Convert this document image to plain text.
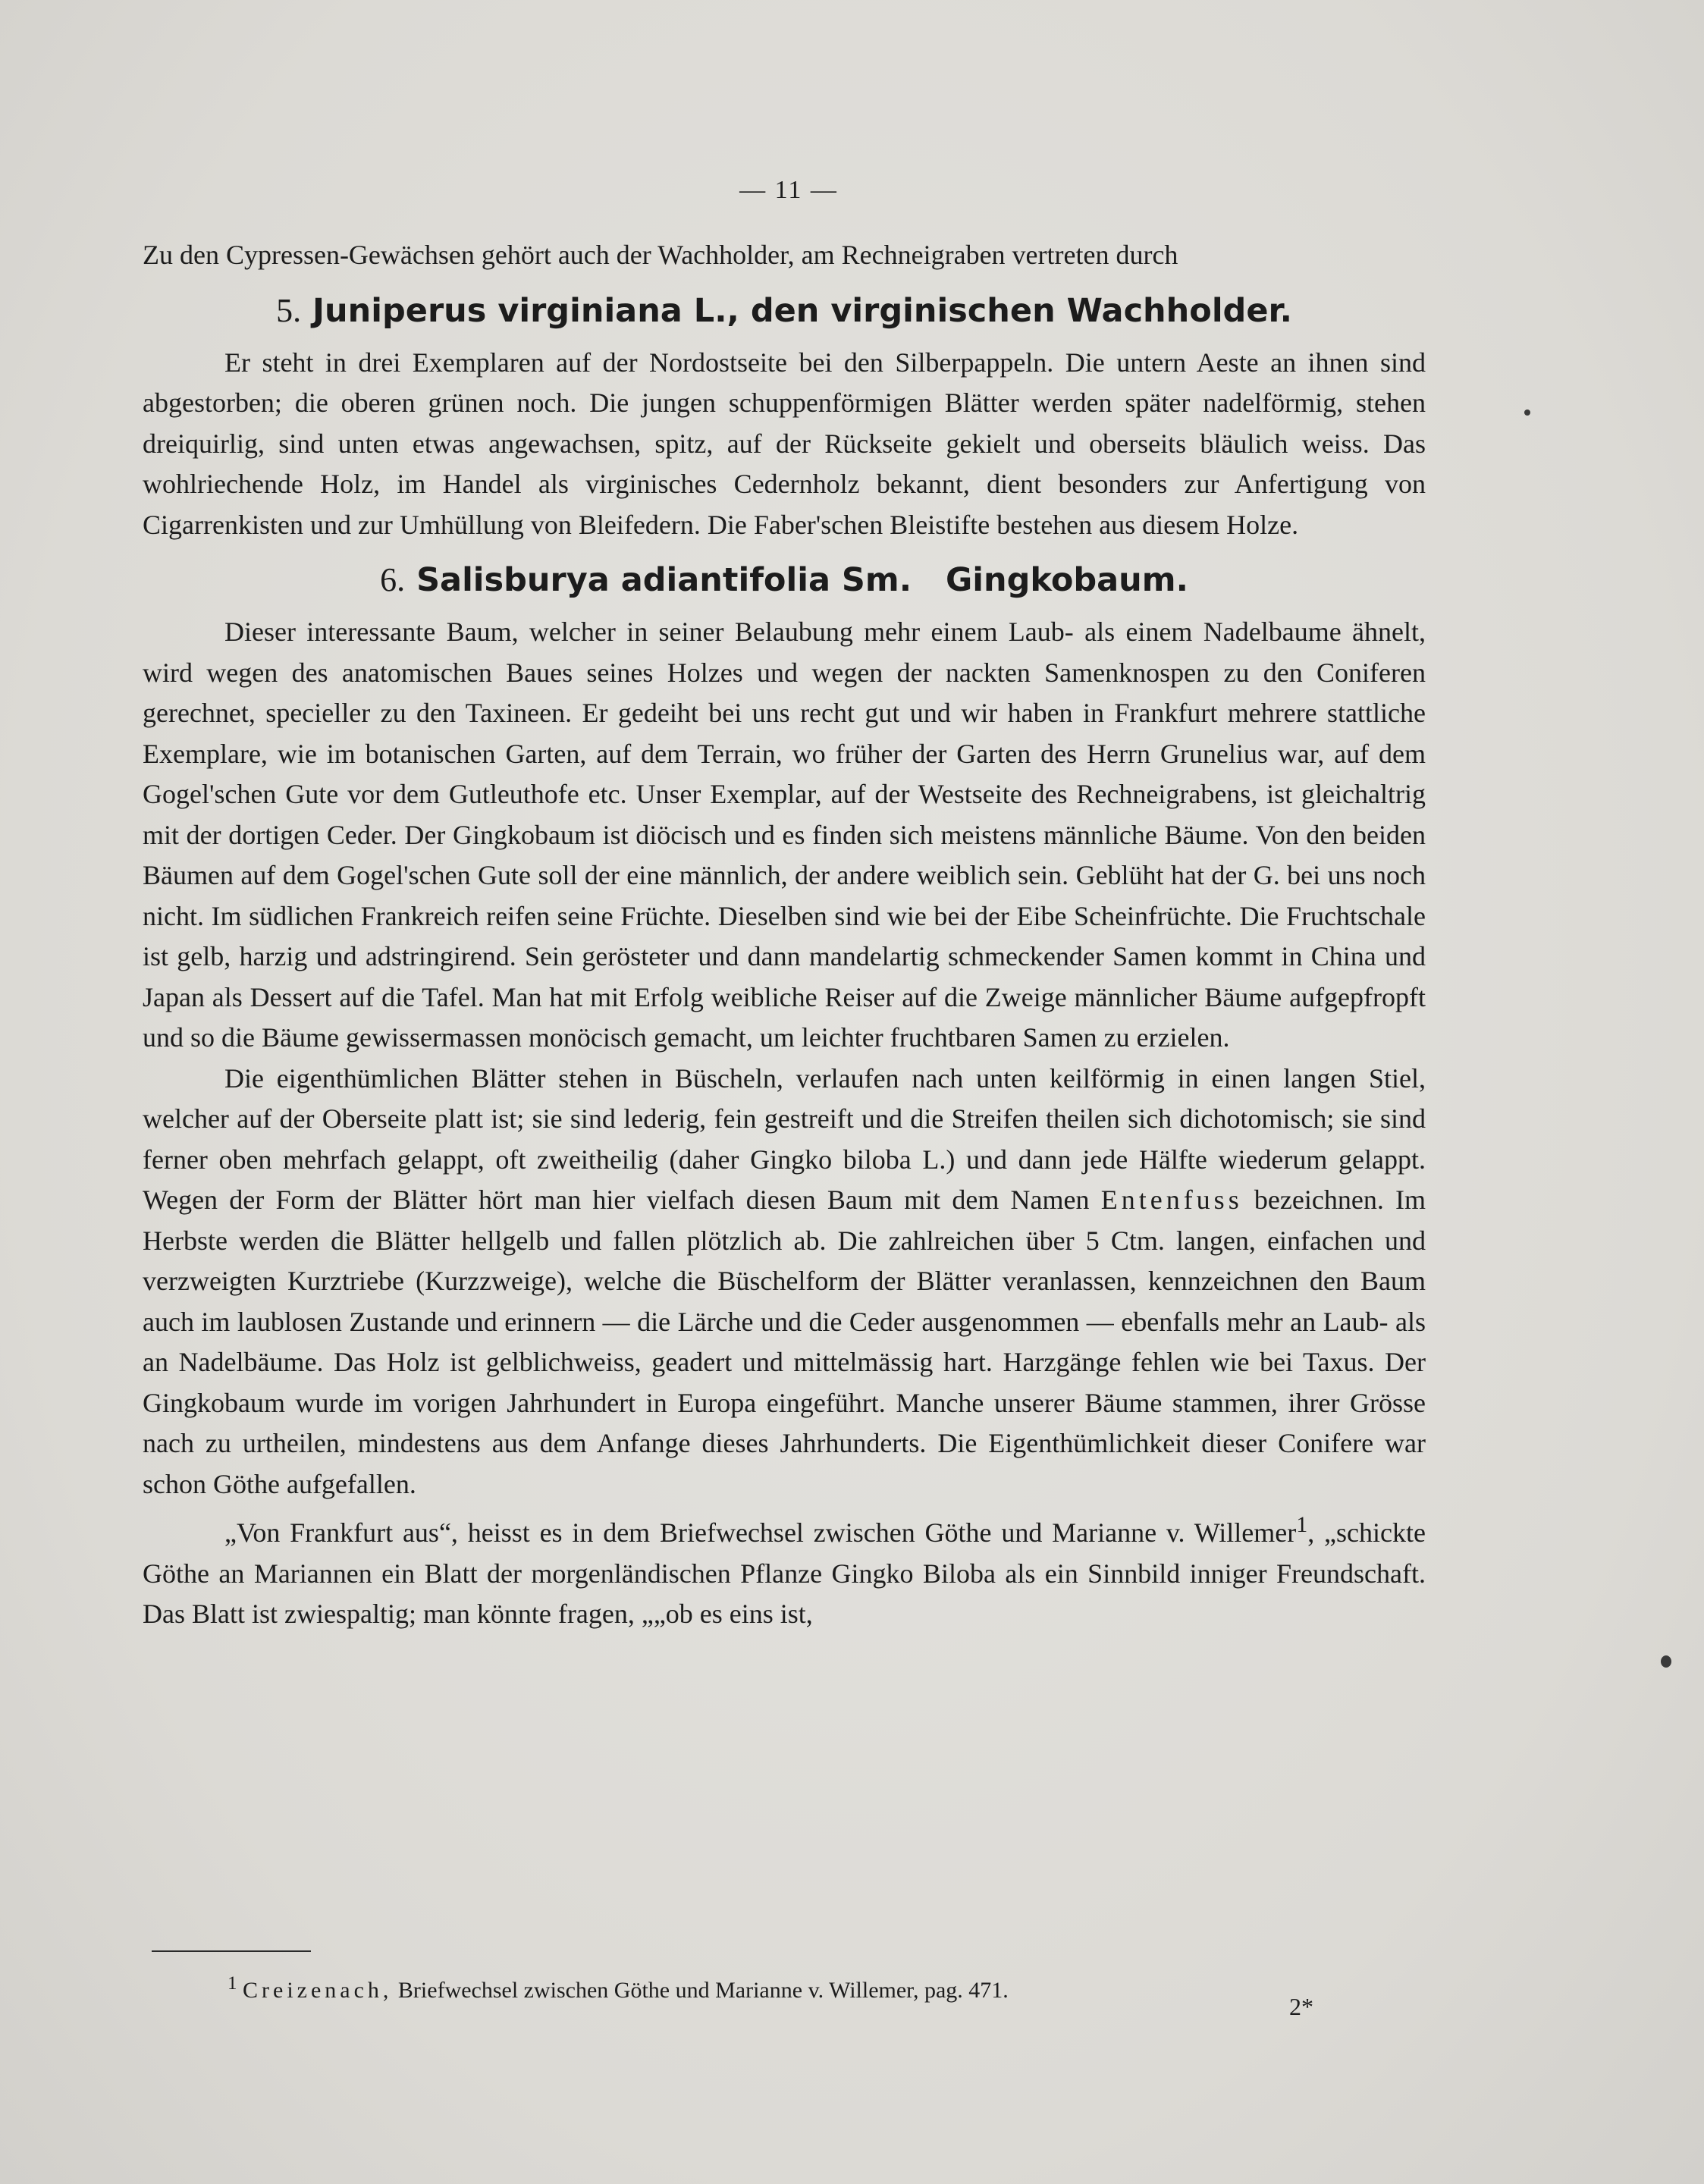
— 11 —

Zu den Cypressen-Gewächsen gehört auch der Wachholder, am Rechneigraben vertreten durch

5. Juniperus virginiana L., den virginischen Wachholder.

Er steht in drei Exemplaren auf der Nordostseite bei den Silberpappeln. Die untern Aeste an ihnen sind abgestorben; die oberen grünen noch. Die jungen schuppenförmigen Blätter werden später nadelförmig, stehen dreiquirlig, sind unten etwas angewachsen, spitz, auf der Rückseite gekielt und oberseits bläulich weiss. Das wohlriechende Holz, im Handel als virginisches Cedernholz bekannt, dient besonders zur Anfertigung von Cigarrenkisten und zur Umhüllung von Bleifedern. Die Faber'schen Bleistifte bestehen aus diesem Holze.

6. Salisburya adiantifolia Sm.   Gingkobaum.

Dieser interessante Baum, welcher in seiner Belaubung mehr einem Laub- als einem Nadelbaume ähnelt, wird wegen des anatomischen Baues seines Holzes und wegen der nackten Samenknospen zu den Coniferen gerechnet, specieller zu den Taxineen. Er gedeiht bei uns recht gut und wir haben in Frankfurt mehrere stattliche Exemplare, wie im botanischen Garten, auf dem Terrain, wo früher der Garten des Herrn Grunelius war, auf dem Gogel'schen Gute vor dem Gutleuthofe etc. Unser Exemplar, auf der Westseite des Rechneigrabens, ist gleichaltrig mit der dortigen Ceder. Der Gingkobaum ist diöcisch und es finden sich meistens männliche Bäume. Von den beiden Bäumen auf dem Gogel'schen Gute soll der eine männlich, der andere weiblich sein. Geblüht hat der G. bei uns noch nicht. Im südlichen Frankreich reifen seine Früchte. Dieselben sind wie bei der Eibe Scheinfrüchte. Die Fruchtschale ist gelb, harzig und adstringirend. Sein gerösteter und dann mandelartig schmeckender Samen kommt in China und Japan als Dessert auf die Tafel. Man hat mit Erfolg weibliche Reiser auf die Zweige männlicher Bäume aufgepfropft und so die Bäume gewissermassen monöcisch gemacht, um leichter fruchtbaren Samen zu erzielen.

Die eigenthümlichen Blätter stehen in Büscheln, verlaufen nach unten keilförmig in einen langen Stiel, welcher auf der Oberseite platt ist; sie sind lederig, fein gestreift und die Streifen theilen sich dichotomisch; sie sind ferner oben mehrfach gelappt, oft zweitheilig (daher Gingko biloba L.) und dann jede Hälfte wiederum gelappt. Wegen der Form der Blätter hört man hier vielfach diesen Baum mit dem Namen Entenfuss bezeichnen. Im Herbste werden die Blätter hellgelb und fallen plötzlich ab. Die zahlreichen über 5 Ctm. langen, einfachen und verzweigten Kurztriebe (Kurzzweige), welche die Büschelform der Blätter veranlassen, kennzeichnen den Baum auch im laublosen Zustande und erinnern — die Lärche und die Ceder ausgenommen — ebenfalls mehr an Laub- als an Nadelbäume. Das Holz ist gelblichweiss, geadert und mittelmässig hart. Harzgänge fehlen wie bei Taxus. Der Gingkobaum wurde im vorigen Jahrhundert in Europa eingeführt. Manche unserer Bäume stammen, ihrer Grösse nach zu urtheilen, mindestens aus dem Anfange dieses Jahrhunderts. Die Eigenthümlichkeit dieser Conifere war schon Göthe aufgefallen.

„Von Frankfurt aus“, heisst es in dem Briefwechsel zwischen Göthe und Marianne v. Willemer$^1$, „schickte Göthe an Mariannen ein Blatt der morgenländischen Pflanze Gingko Biloba als ein Sinnbild inniger Freundschaft. Das Blatt ist zwiespaltig; man könnte fragen, „„ob es eins ist,

$^1$ Creizenach, Briefwechsel zwischen Göthe und Marianne v. Willemer, pag. 471.
2*
